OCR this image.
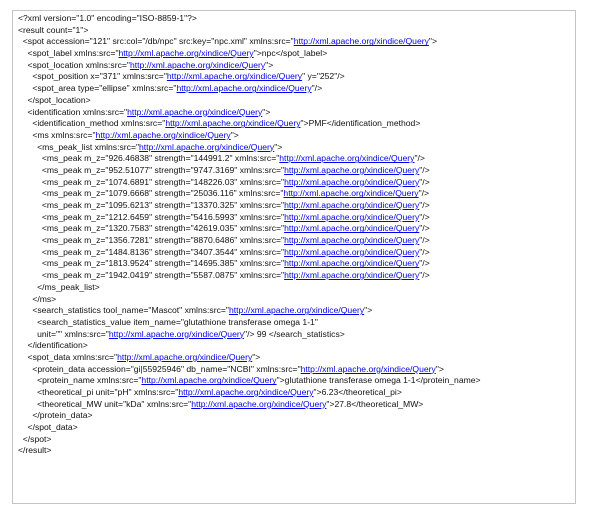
<?xml version="1.0" encoding="ISO-8859-1"?>
<result count="1">
<spot accession="121" src:col="/db/npc" src:key="npc.xml" xmlns:src="http://xml.apache.org/xindice/Query">
<spot_label xmlns:src="http://xml.apache.org/xindice/Query">npc</spot_label>
<spot_location xmlns:src="http://xml.apache.org/xindice/Query">
<spot_position x="371" xmlns:src="http://xml.apache.org/xindice/Query" y="252"/>
<spot_area type="ellipse" xmlns:src="http://xml.apache.org/xindice/Query"/>
</spot_location>
<identification xmlns:src="http://xml.apache.org/xindice/Query">
<identification_method xmlns:src="http://xml.apache.org/xindice/Query">PMF</identification_method>
<ms xmlns:src="http://xml.apache.org/xindice/Query">
<ms_peak_list xmlns:src="http://xml.apache.org/xindice/Query">
<ms_peak m_z="926.46838" strength="144991.2" xmlns:src="http://xml.apache.org/xindice/Query"/>
<ms_peak m_z="952.51077" strength="9747.3169" xmlns:src="http://xml.apache.org/xindice/Query"/>
<ms_peak m_z="1074.6891" strength="148226.03" xmlns:src="http://xml.apache.org/xindice/Query"/>
<ms_peak m_z="1079.6668" strength="25036.116" xmlns:src="http://xml.apache.org/xindice/Query"/>
<ms_peak m_z="1095.6213" strength="13370.325" xmlns:src="http://xml.apache.org/xindice/Query"/>
<ms_peak m_z="1212.6459" strength="5416.5993" xmlns:src="http://xml.apache.org/xindice/Query"/>
<ms_peak m_z="1320.7583" strength="42619.035" xmlns:src="http://xml.apache.org/xindice/Query"/>
<ms_peak m_z="1356.7281" strength="8870.6486" xmlns:src="http://xml.apache.org/xindice/Query"/>
<ms_peak m_z="1484.8136" strength="3407.3544" xmlns:src="http://xml.apache.org/xindice/Query"/>
<ms_peak m_z="1813.9524" strength="14695.385" xmlns:src="http://xml.apache.org/xindice/Query"/>
<ms_peak m_z="1942.0419" strength="5587.0875" xmlns:src="http://xml.apache.org/xindice/Query"/>
</ms_peak_list>
</ms>
<search_statistics tool_name="Mascot" xmlns:src="http://xml.apache.org/xindice/Query">
<search_statistics_value item_name="glutathione transferase omega 1-1"
unit="" xmlns:src="http://xml.apache.org/xindice/Query"/> 99 </search_statistics>
</identification>
<spot_data xmlns:src="http://xml.apache.org/xindice/Query">
<protein_data accession="gi|55925946" db_name="NCBI" xmlns:src="http://xml.apache.org/xindice/Query">
<protein_name xmlns:src="http://xml.apache.org/xindice/Query">glutathione transferase omega 1-1</protein_name>
<theoretical_pi unit="pH" xmlns:src="http://xml.apache.org/xindice/Query">6.23</theoretical_pi>
<theoretical_MW unit="kDa" xmlns:src="http://xml.apache.org/xindice/Query">27.8</theoretical_MW>
</protein_data>
</spot_data>
</spot>
</result>
